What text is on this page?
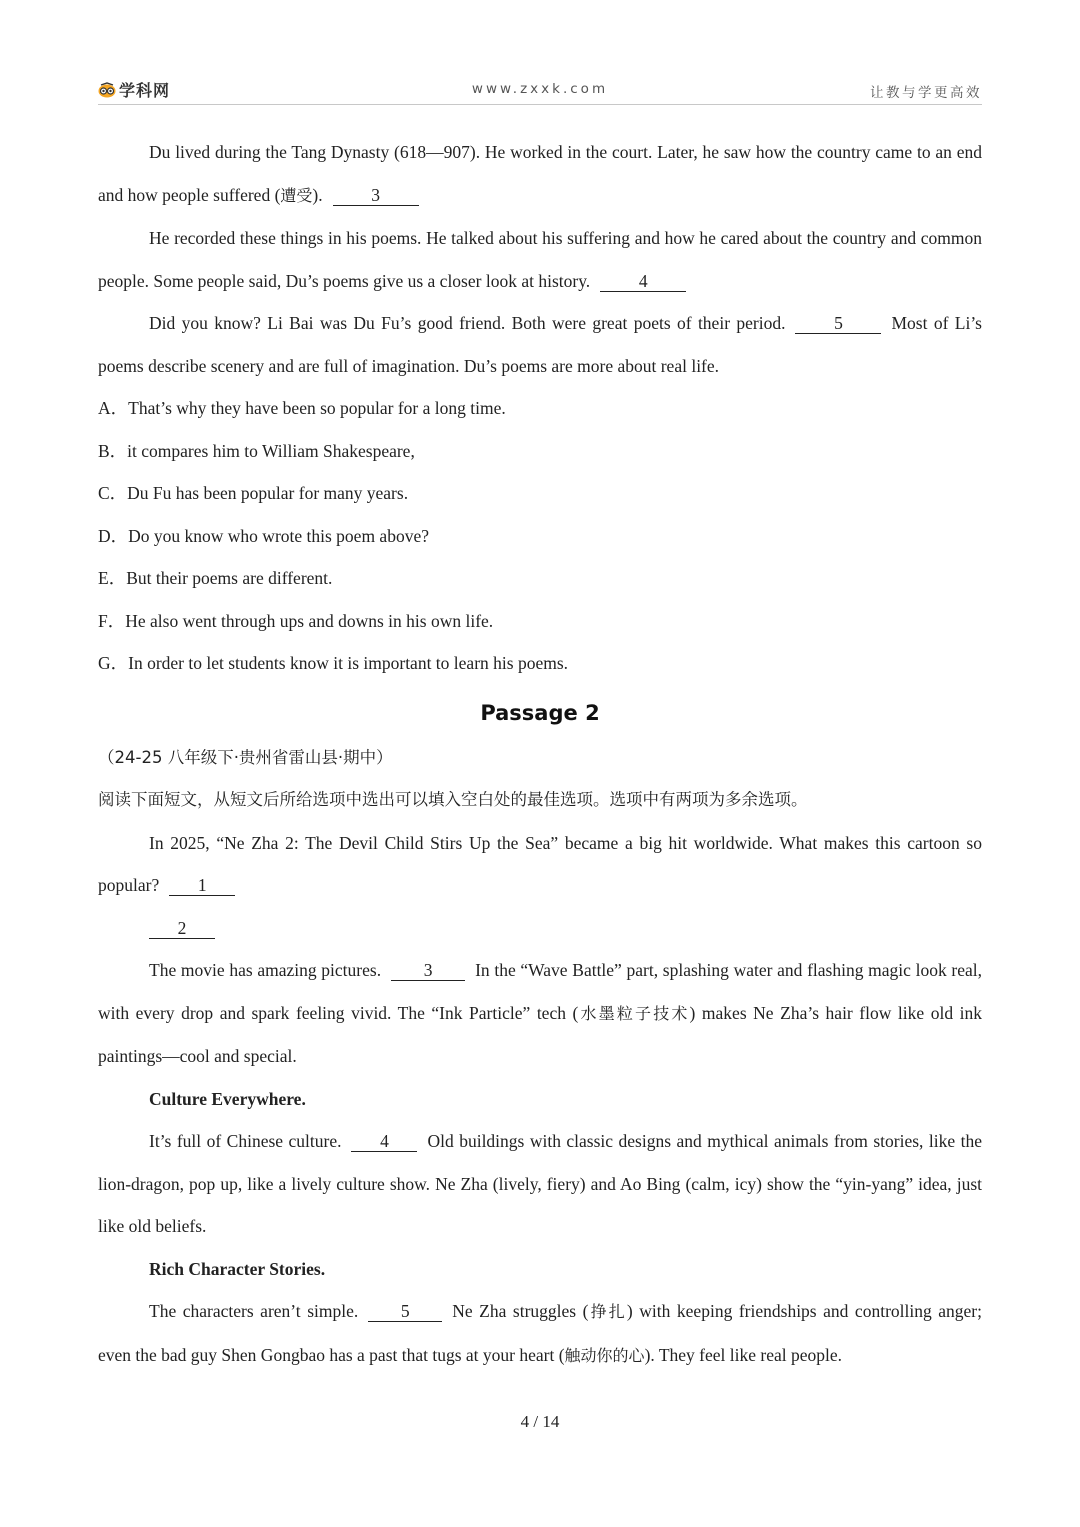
学科网	www.zxxk.com	让教与学更高效

Du lived during the Tang Dynasty (618—907). He worked in the court. Later, he saw how the country came to an end and how people suffered (遭受).	3

He recorded these things in his poems. He talked about his suffering and how he cared about the country and common people. Some people said, Du’s poems give us a closer look at history.	4

Did you know? Li Bai was Du Fu’s good friend. Both were great poets of their period.	5	Most of Li’s poems describe scenery and are full of imagination. Du’s poems are more about real life.

A．That’s why they have been so popular for a long time.

B．it compares him to William Shakespeare,

C．Du Fu has been popular for many years.

D．Do you know who wrote this poem above?

E．But their poems are different.

F．He also went through ups and downs in his own life.

G．In order to let students know it is important to learn his poems.

Passage 2

（24-25 八年级下·贵州省雷山县·期中）

阅读下面短文，从短文后所给选项中选出可以填入空白处的最佳选项。选项中有两项为多余选项。

In 2025, “Ne Zha 2: The Devil Child Stirs Up the Sea” became a big hit worldwide. What makes this cartoon so popular? 1

2

The movie has amazing pictures. 3 In the “Wave Battle” part, splashing water and flashing magic look real, with every drop and spark feeling vivid. The “Ink Particle” tech (水墨粒子技术) makes Ne Zha’s hair flow like old ink paintings—cool and special.

Culture Everywhere.

It’s full of Chinese culture. 4 Old buildings with classic designs and mythical animals from stories, like the lion-dragon, pop up, like a lively culture show. Ne Zha (lively, fiery) and Ao Bing (calm, icy) show the “yin-yang” idea, just like old beliefs.

Rich Character Stories.

The characters aren’t simple. 5 Ne Zha struggles (挣扎) with keeping friendships and controlling anger; even the bad guy Shen Gongbao has a past that tugs at your heart (触动你的心). They feel like real people.

4 / 14
